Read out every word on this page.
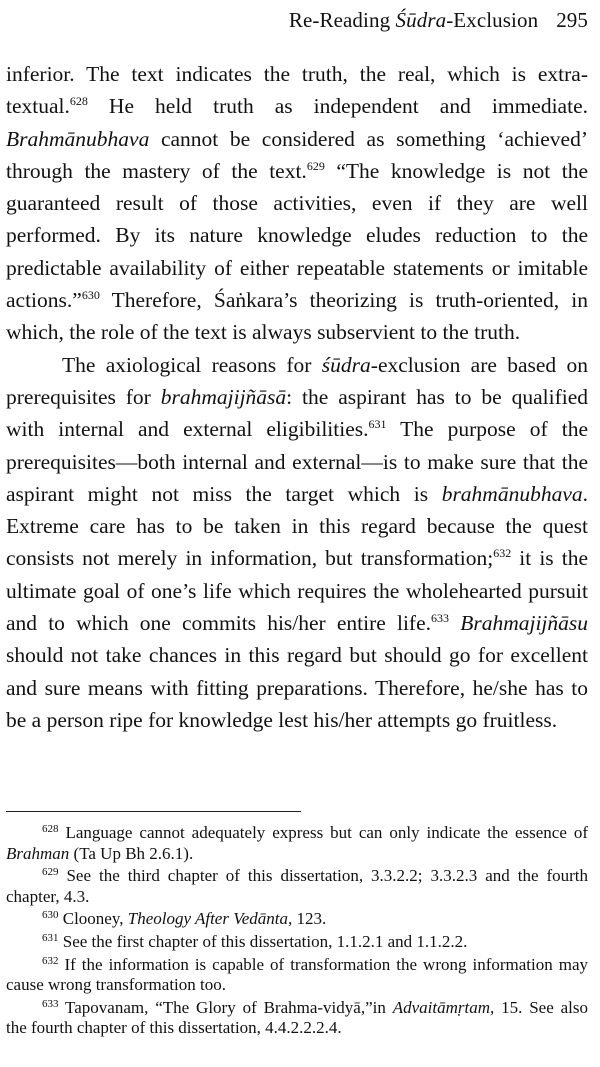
Re-Reading Śūdra-Exclusion 295

inferior. The text indicates the truth, the real, which is extra-textual.$^{628}$ He held truth as independent and immediate. Brahmānubhava cannot be considered as something ‘achieved’ through the mastery of the text.$^{629}$ “The knowledge is not the guaranteed result of those activities, even if they are well performed. By its nature knowledge eludes reduction to the predictable availability of either repeatable statements or imitable actions.”$^{630}$ Therefore, Śaṅkara’s theorizing is truth-oriented, in which, the role of the text is always subservient to the truth.

The axiological reasons for śūdra-exclusion are based on prerequisites for brahmajijñāsā: the aspirant has to be qualified with internal and external eligibilities.$^{631}$ The purpose of the prerequisites—both internal and external—is to make sure that the aspirant might not miss the target which is brahmānubhava. Extreme care has to be taken in this regard because the quest consists not merely in information, but transformation;$^{632}$ it is the ultimate goal of one’s life which requires the wholehearted pursuit and to which one commits his/her entire life.$^{633}$ Brahmajijñāsu should not take chances in this regard but should go for excellent and sure means with fitting preparations. Therefore, he/she has to be a person ripe for knowledge lest his/her attempts go fruitless.

$^{628}$ Language cannot adequately express but can only indicate the essence of Brahman (Ta Up Bh 2.6.1).

$^{629}$ See the third chapter of this dissertation, 3.3.2.2; 3.3.2.3 and the fourth chapter, 4.3.

$^{630}$ Clooney, Theology After Vedānta, 123.

$^{631}$ See the first chapter of this dissertation, 1.1.2.1 and 1.1.2.2.

$^{632}$ If the information is capable of transformation the wrong information may cause wrong transformation too.

$^{633}$ Tapovanam, “The Glory of Brahma-vidyā,”in Advaitāmṛtam, 15. See also the fourth chapter of this dissertation, 4.4.2.2.2.4.
